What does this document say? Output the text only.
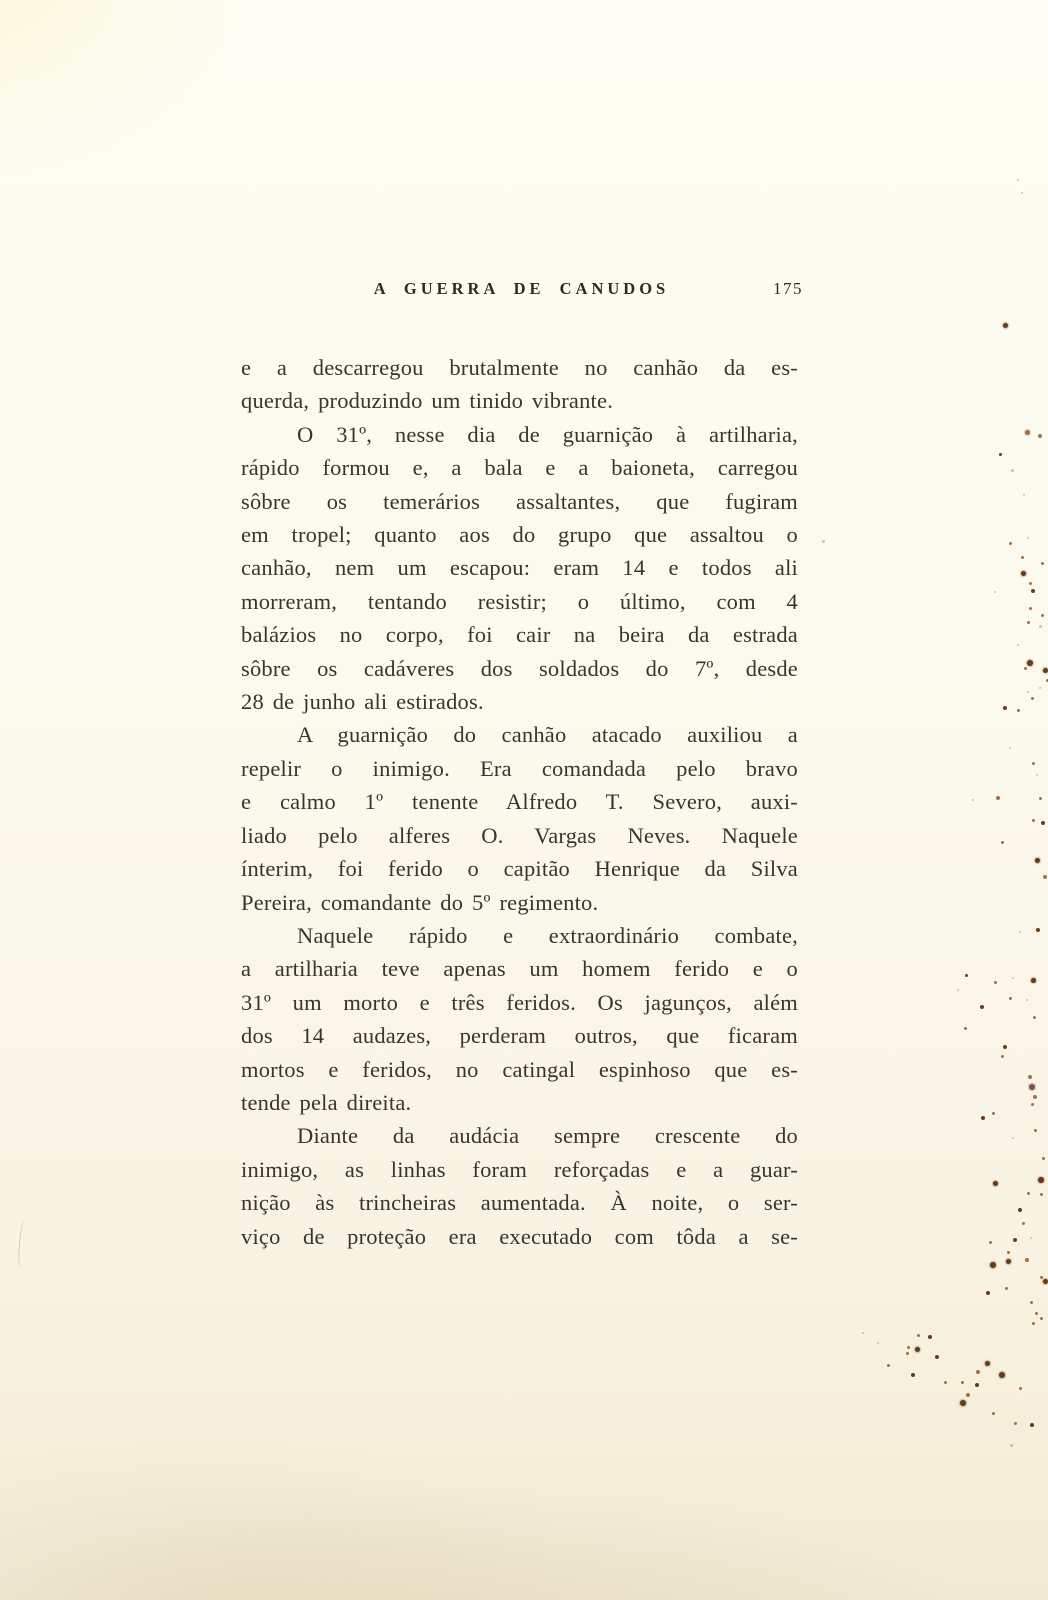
A GUERRA DE CANUDOS	175
e a descarregou brutalmente no canhão da es-
querda, produzindo um tinido vibrante.
O 31º, nesse dia de guarnição à artilharia,
rápido formou e, a bala e a baioneta, carregou
sôbre os temerários assaltantes, que fugiram
em tropel; quanto aos do grupo que assaltou o
canhão, nem um escapou: eram 14 e todos ali
morreram, tentando resistir; o último, com 4
balázios no corpo, foi cair na beira da estrada
sôbre os cadáveres dos soldados do 7º, desde
28 de junho ali estirados.
A guarnição do canhão atacado auxiliou a
repelir o inimigo. Era comandada pelo bravo
e calmo 1º tenente Alfredo T. Severo, auxi-
liado pelo alferes O. Vargas Neves. Naquele
ínterim, foi ferido o capitão Henrique da Silva
Pereira, comandante do 5º regimento.
Naquele rápido e extraordinário combate,
a artilharia teve apenas um homem ferido e o
31º um morto e três feridos. Os jagunços, além
dos 14 audazes, perderam outros, que ficaram
mortos e feridos, no catingal espinhoso que es-
tende pela direita.
Diante da audácia sempre crescente do
inimigo, as linhas foram reforçadas e a guar-
nição às trincheiras aumentada. À noite, o ser-
viço de proteção era executado com tôda a se-
